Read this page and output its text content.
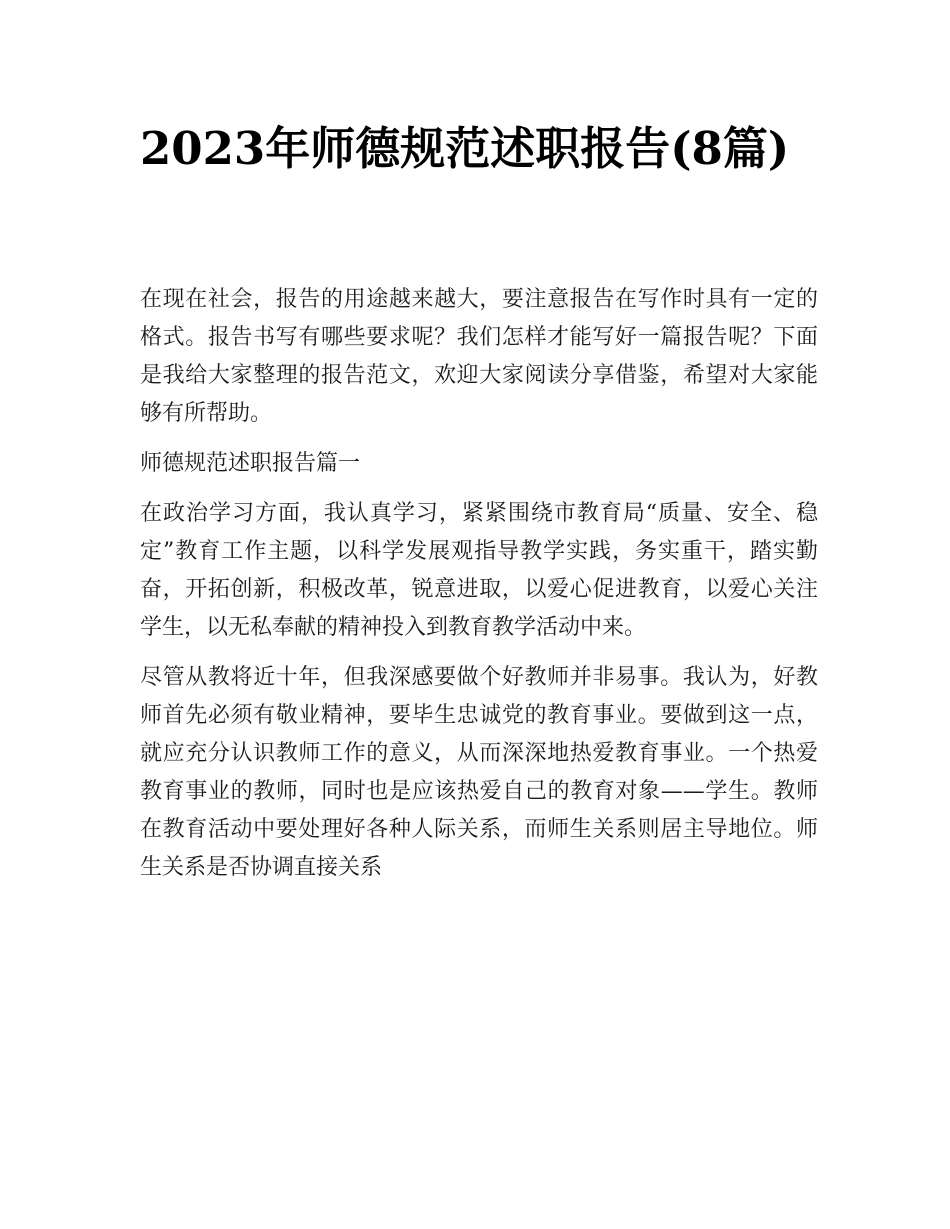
2023年师德规范述职报告(8篇)

在现在社会，报告的用途越来越大，要注意报告在写作时具有一定的格式。报告书写有哪些要求呢？我们怎样才能写好一篇报告呢？下面是我给大家整理的报告范文，欢迎大家阅读分享借鉴，希望对大家能够有所帮助。

师德规范述职报告篇一

在政治学习方面，我认真学习，紧紧围绕市教育局“质量、安全、稳定”教育工作主题，以科学发展观指导教学实践，务实重干，踏实勤奋，开拓创新，积极改革，锐意进取，以爱心促进教育，以爱心关注学生，以无私奉献的精神投入到教育教学活动中来。

尽管从教将近十年，但我深感要做个好教师并非易事。我认为，好教师首先必须有敬业精神，要毕生忠诚党的教育事业。要做到这一点，就应充分认识教师工作的意义，从而深深地热爱教育事业。一个热爱教育事业的教师，同时也是应该热爱自己的教育对象——学生。教师在教育活动中要处理好各种人际关系，而师生关系则居主导地位。师生关系是否协调直接关系
